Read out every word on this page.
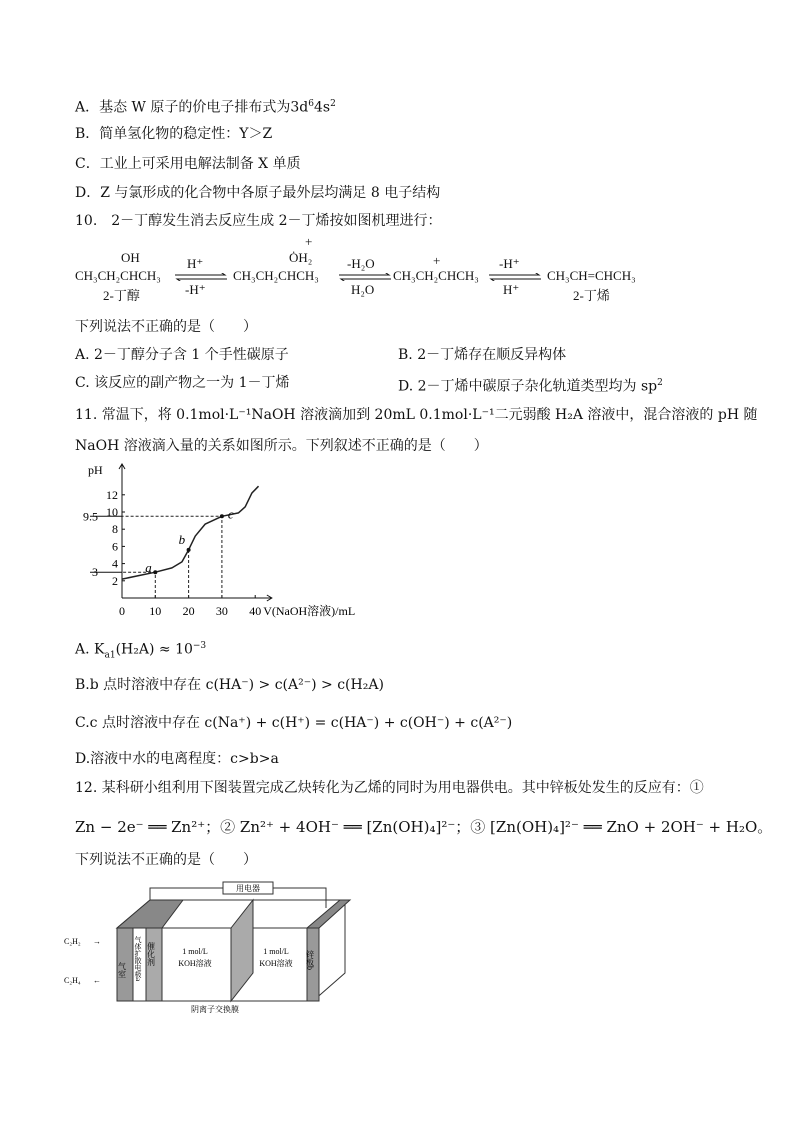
A．基态 W 原子的价电子排布式为$3d^64s^2$
B．简单氢化物的稳定性：Y＞Z
C．工业上可采用电解法制备 X 单质
D．Z 与氯形成的化合物中各原子最外层均满足 8 电子结构
10.　2－丁醇发生消去反应生成 2－丁烯按如图机理进行：
OH
CH₃CH₂CHCH₃
2-丁醇
H⁺
-H⁺
+
ȮH₂
CH₃CH₂CHCH₃
-H₂O
H₂O
+
CH₃CH₂CHCH₃
-H⁺
H⁺
⇌ CH₃CH=CHCH₃
2-丁烯
下列说法不正确的是（　　）
A. 2－丁醇分子含 1 个手性碳原子	B. 2－丁烯存在顺反异构体
C. 该反应的副产物之一为 1－丁烯	D. 2－丁烯中碳原子杂化轨道类型均为 $sp^2$
11. 常温下，将 0.1mol·L⁻¹NaOH 溶液滴加到 20mL 0.1mol·L⁻¹二元弱酸 H₂A 溶液中，混合溶液的 pH 随
NaOH 溶液滴入量的关系如图所示。下列叙述不正确的是（　　）
pH
V(NaOH溶液)/mL
0 10 20 30 40
2
4
6
8
10
12
3
9.5
a
b
c
A. $K_{a1}(H_2A) \approx 10^{-3}$
B.b 点时溶液中存在 c(HA⁻) > c(A²⁻) > c(H₂A)
C.c 点时溶液中存在 c(Na⁺) + c(H⁺) = c(HA⁻) + c(OH⁻) + c(A²⁻)
D.溶液中水的电离程度：c>b>a
12. 某科研小组利用下图装置完成乙炔转化为乙烯的同时为用电器供电。其中锌板处发生的反应有：①
Zn − 2e⁻ ══ Zn²⁺；② Zn²⁺ + 4OH⁻ ══ [Zn(OH)₄]²⁻；③ [Zn(OH)₄]²⁻ ══ ZnO + 2OH⁻ + H₂O。
下列说法不正确的是（　　）
用电器
C₂H₂
C₂H₄
→
←
气室 气体扩散电极a 催化剂	1 mol/L
KOH溶液
1 mol/L
KOH溶液 锌板b
阴离子交换膜
